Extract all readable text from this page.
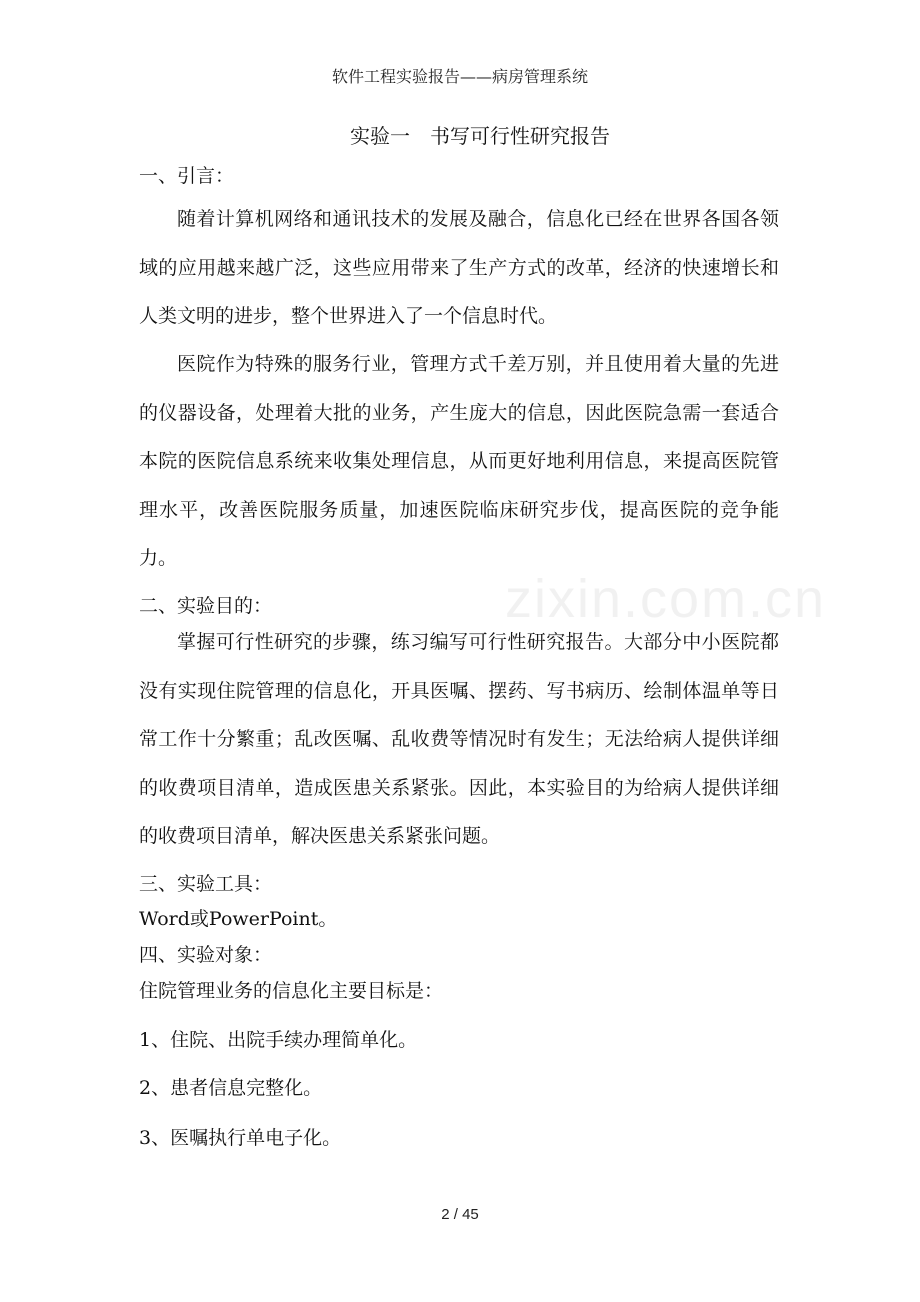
软件工程实验报告——病房管理系统
实验一　书写可行性研究报告
一、引言：

随着计算机网络和通讯技术的发展及融合，信息化已经在世界各国各领域的应用越来越广泛，这些应用带来了生产方式的改革，经济的快速增长和人类文明的进步，整个世界进入了一个信息时代。

医院作为特殊的服务行业，管理方式千差万别，并且使用着大量的先进的仪器设备，处理着大批的业务，产生庞大的信息，因此医院急需一套适合本院的医院信息系统来收集处理信息，从而更好地利用信息，来提高医院管理水平，改善医院服务质量，加速医院临床研究步伐，提高医院的竞争能力。

二、实验目的：

掌握可行性研究的步骤，练习编写可行性研究报告。大部分中小医院都没有实现住院管理的信息化，开具医嘱、摆药、写书病历、绘制体温单等日常工作十分繁重；乱改医嘱、乱收费等情况时有发生；无法给病人提供详细的收费项目清单，造成医患关系紧张。因此，本实验目的为给病人提供详细的收费项目清单，解决医患关系紧张问题。

三、实验工具：
Word或PowerPoint。
四、实验对象：
住院管理业务的信息化主要目标是：
1、住院、出院手续办理简单化。
2、患者信息完整化。
3、医嘱执行单电子化。
zixin.com.cn
2 / 45
